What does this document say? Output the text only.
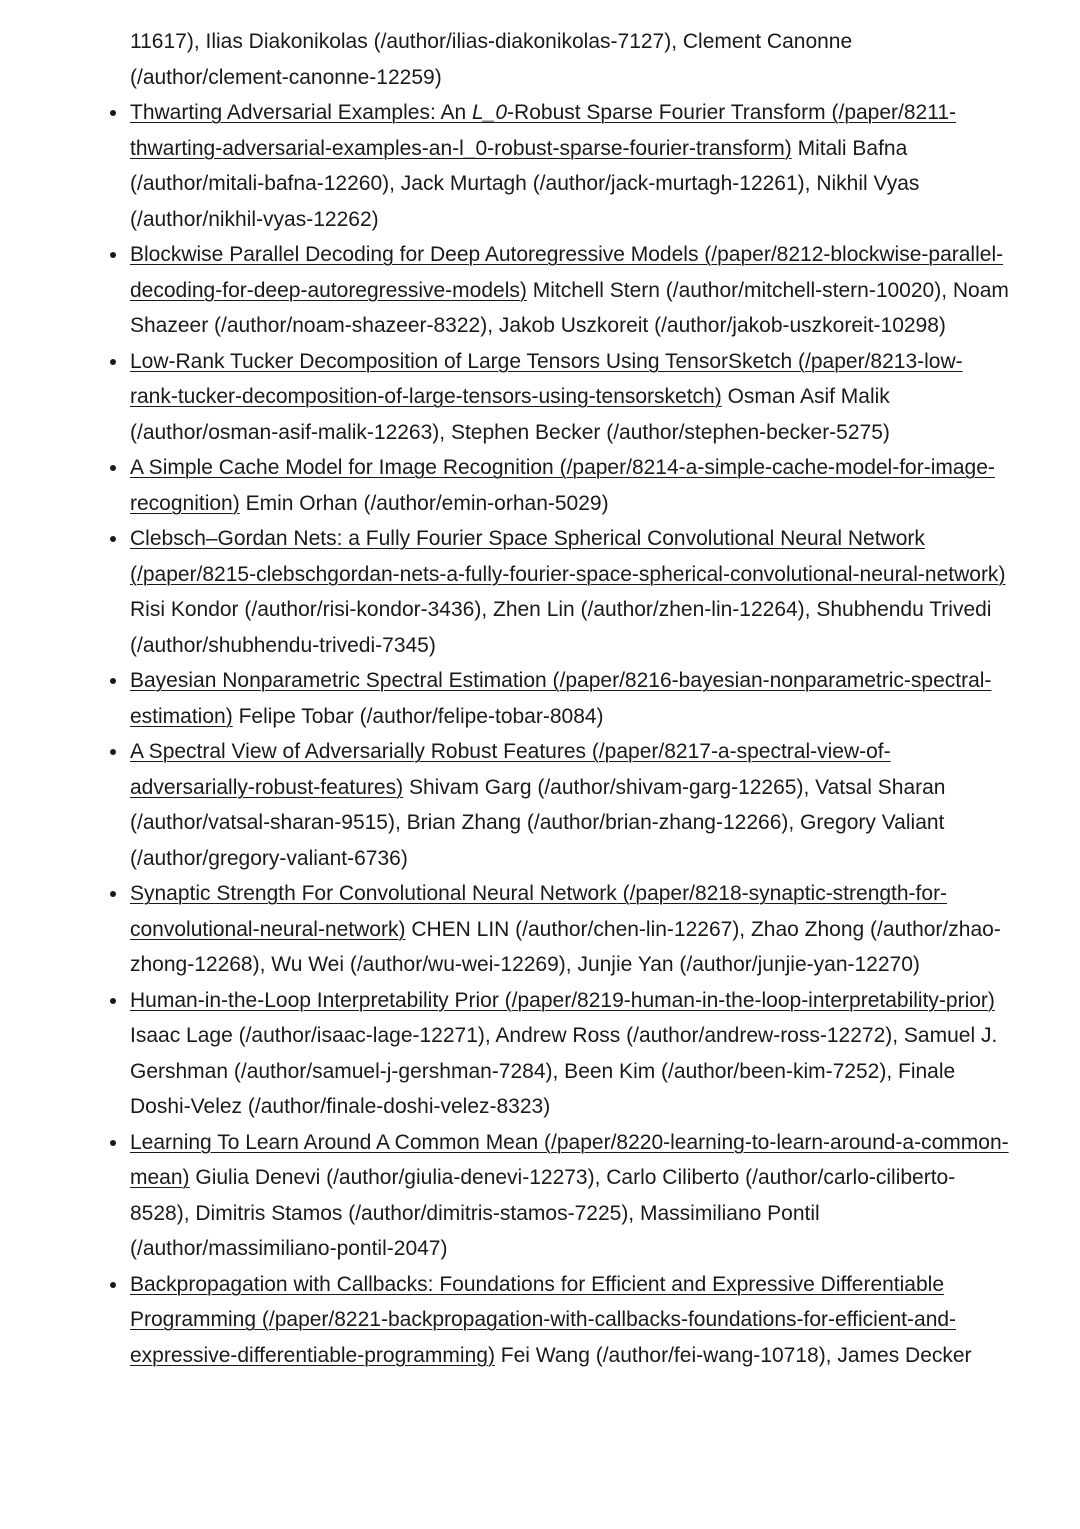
11617), Ilias Diakonikolas (/author/ilias-diakonikolas-7127), Clement Canonne (/author/clement-canonne-12259)
Thwarting Adversarial Examples: An L_0-Robust Sparse Fourier Transform (/paper/8211-thwarting-adversarial-examples-an-l_0-robust-sparse-fourier-transform) Mitali Bafna (/author/mitali-bafna-12260), Jack Murtagh (/author/jack-murtagh-12261), Nikhil Vyas (/author/nikhil-vyas-12262)
Blockwise Parallel Decoding for Deep Autoregressive Models (/paper/8212-blockwise-parallel-decoding-for-deep-autoregressive-models) Mitchell Stern (/author/mitchell-stern-10020), Noam Shazeer (/author/noam-shazeer-8322), Jakob Uszkoreit (/author/jakob-uszkoreit-10298)
Low-Rank Tucker Decomposition of Large Tensors Using TensorSketch (/paper/8213-low-rank-tucker-decomposition-of-large-tensors-using-tensorsketch) Osman Asif Malik (/author/osman-asif-malik-12263), Stephen Becker (/author/stephen-becker-5275)
A Simple Cache Model for Image Recognition (/paper/8214-a-simple-cache-model-for-image-recognition) Emin Orhan (/author/emin-orhan-5029)
Clebsch–Gordan Nets: a Fully Fourier Space Spherical Convolutional Neural Network (/paper/8215-clebschgordan-nets-a-fully-fourier-space-spherical-convolutional-neural-network) Risi Kondor (/author/risi-kondor-3436), Zhen Lin (/author/zhen-lin-12264), Shubhendu Trivedi (/author/shubhendu-trivedi-7345)
Bayesian Nonparametric Spectral Estimation (/paper/8216-bayesian-nonparametric-spectral-estimation) Felipe Tobar (/author/felipe-tobar-8084)
A Spectral View of Adversarially Robust Features (/paper/8217-a-spectral-view-of-adversarially-robust-features) Shivam Garg (/author/shivam-garg-12265), Vatsal Sharan (/author/vatsal-sharan-9515), Brian Zhang (/author/brian-zhang-12266), Gregory Valiant (/author/gregory-valiant-6736)
Synaptic Strength For Convolutional Neural Network (/paper/8218-synaptic-strength-for-convolutional-neural-network) CHEN LIN (/author/chen-lin-12267), Zhao Zhong (/author/zhao-zhong-12268), Wu Wei (/author/wu-wei-12269), Junjie Yan (/author/junjie-yan-12270)
Human-in-the-Loop Interpretability Prior (/paper/8219-human-in-the-loop-interpretability-prior) Isaac Lage (/author/isaac-lage-12271), Andrew Ross (/author/andrew-ross-12272), Samuel J. Gershman (/author/samuel-j-gershman-7284), Been Kim (/author/been-kim-7252), Finale Doshi-Velez (/author/finale-doshi-velez-8323)
Learning To Learn Around A Common Mean (/paper/8220-learning-to-learn-around-a-common-mean) Giulia Denevi (/author/giulia-denevi-12273), Carlo Ciliberto (/author/carlo-ciliberto-8528), Dimitris Stamos (/author/dimitris-stamos-7225), Massimiliano Pontil (/author/massimiliano-pontil-2047)
Backpropagation with Callbacks: Foundations for Efficient and Expressive Differentiable Programming (/paper/8221-backpropagation-with-callbacks-foundations-for-efficient-and-expressive-differentiable-programming) Fei Wang (/author/fei-wang-10718), James Decker
